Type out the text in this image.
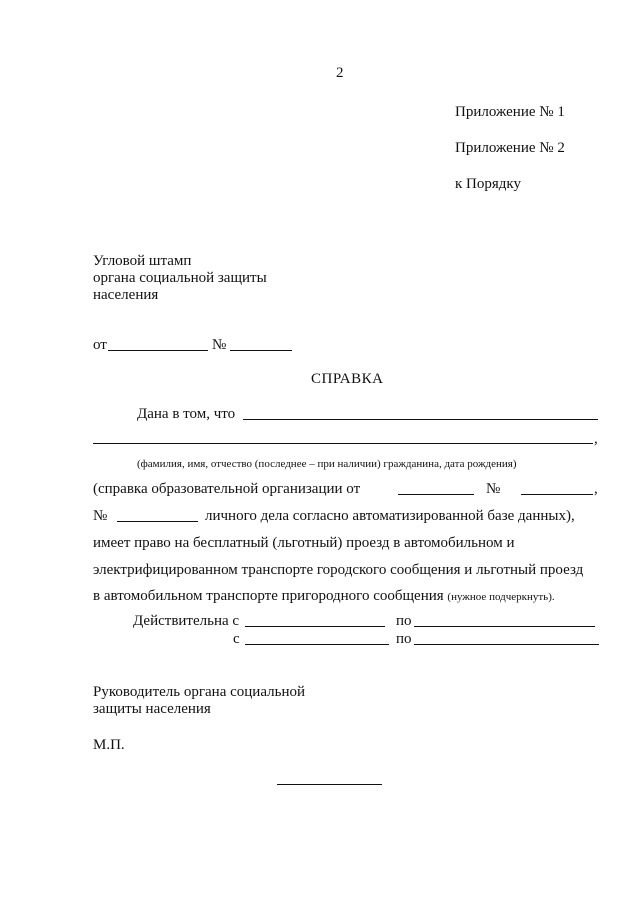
2
Приложение № 1
Приложение № 2
к Порядку
Угловой штамп
органа социальной защиты
населения
от	№
СПРАВКА
Дана в том, что
,
(фамилия, имя, отчество (последнее – при наличии) гражданина, дата рождения)
(справка образовательной организации от	№	,
№	личного дела согласно автоматизированной базе данных),
имеет право на бесплатный (льготный) проезд в автомобильном и
электрифицированном транспорте городского сообщения и льготный проезд
в автомобильном транспорте пригородного сообщения (нужное подчеркнуть).
Действительна с	по
с	по
Руководитель органа социальной
защиты населения
М.П.
